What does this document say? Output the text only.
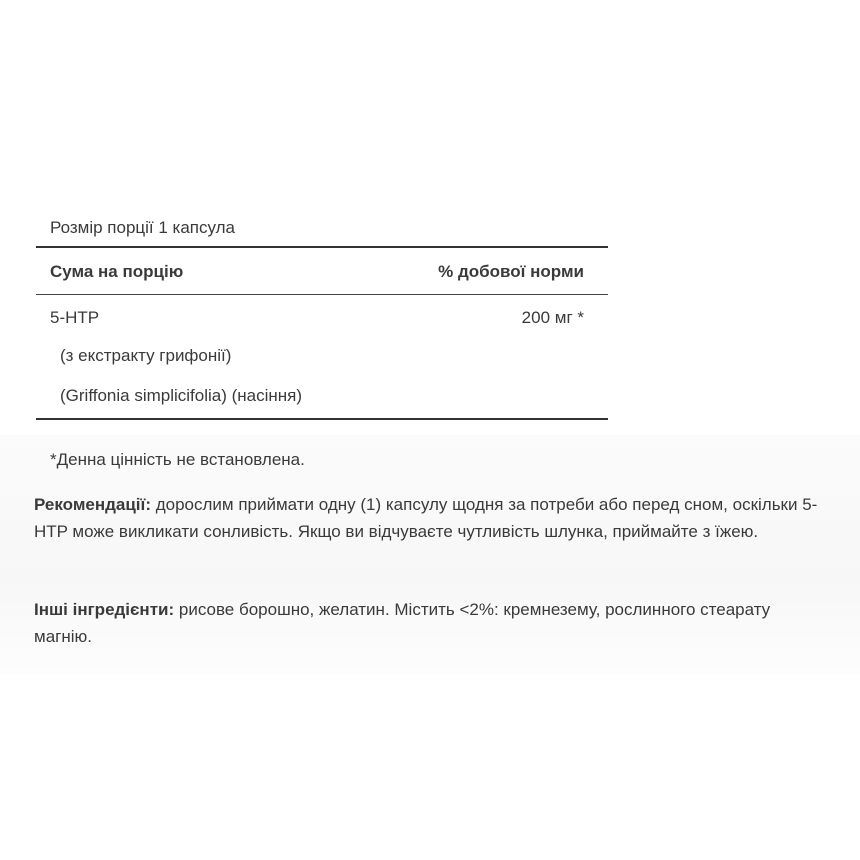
Розмір порції 1 капсула
Сума на порцію	% добової норми
5-HTP	200 мг *
(з екстракту грифонії)
(Griffonia simplicifolia) (насіння)
*Денна цінність не встановлена.
Рекомендації: дорослим приймати одну (1) капсулу щодня за потреби або перед сном, оскільки 5-HTP може викликати сонливість. Якщо ви відчуваєте чутливість шлунка, приймайте з їжею.
Інші інгредієнти: рисове борошно, желатин. Містить <2%: кремнезему, рослинного стеарату магнію.
